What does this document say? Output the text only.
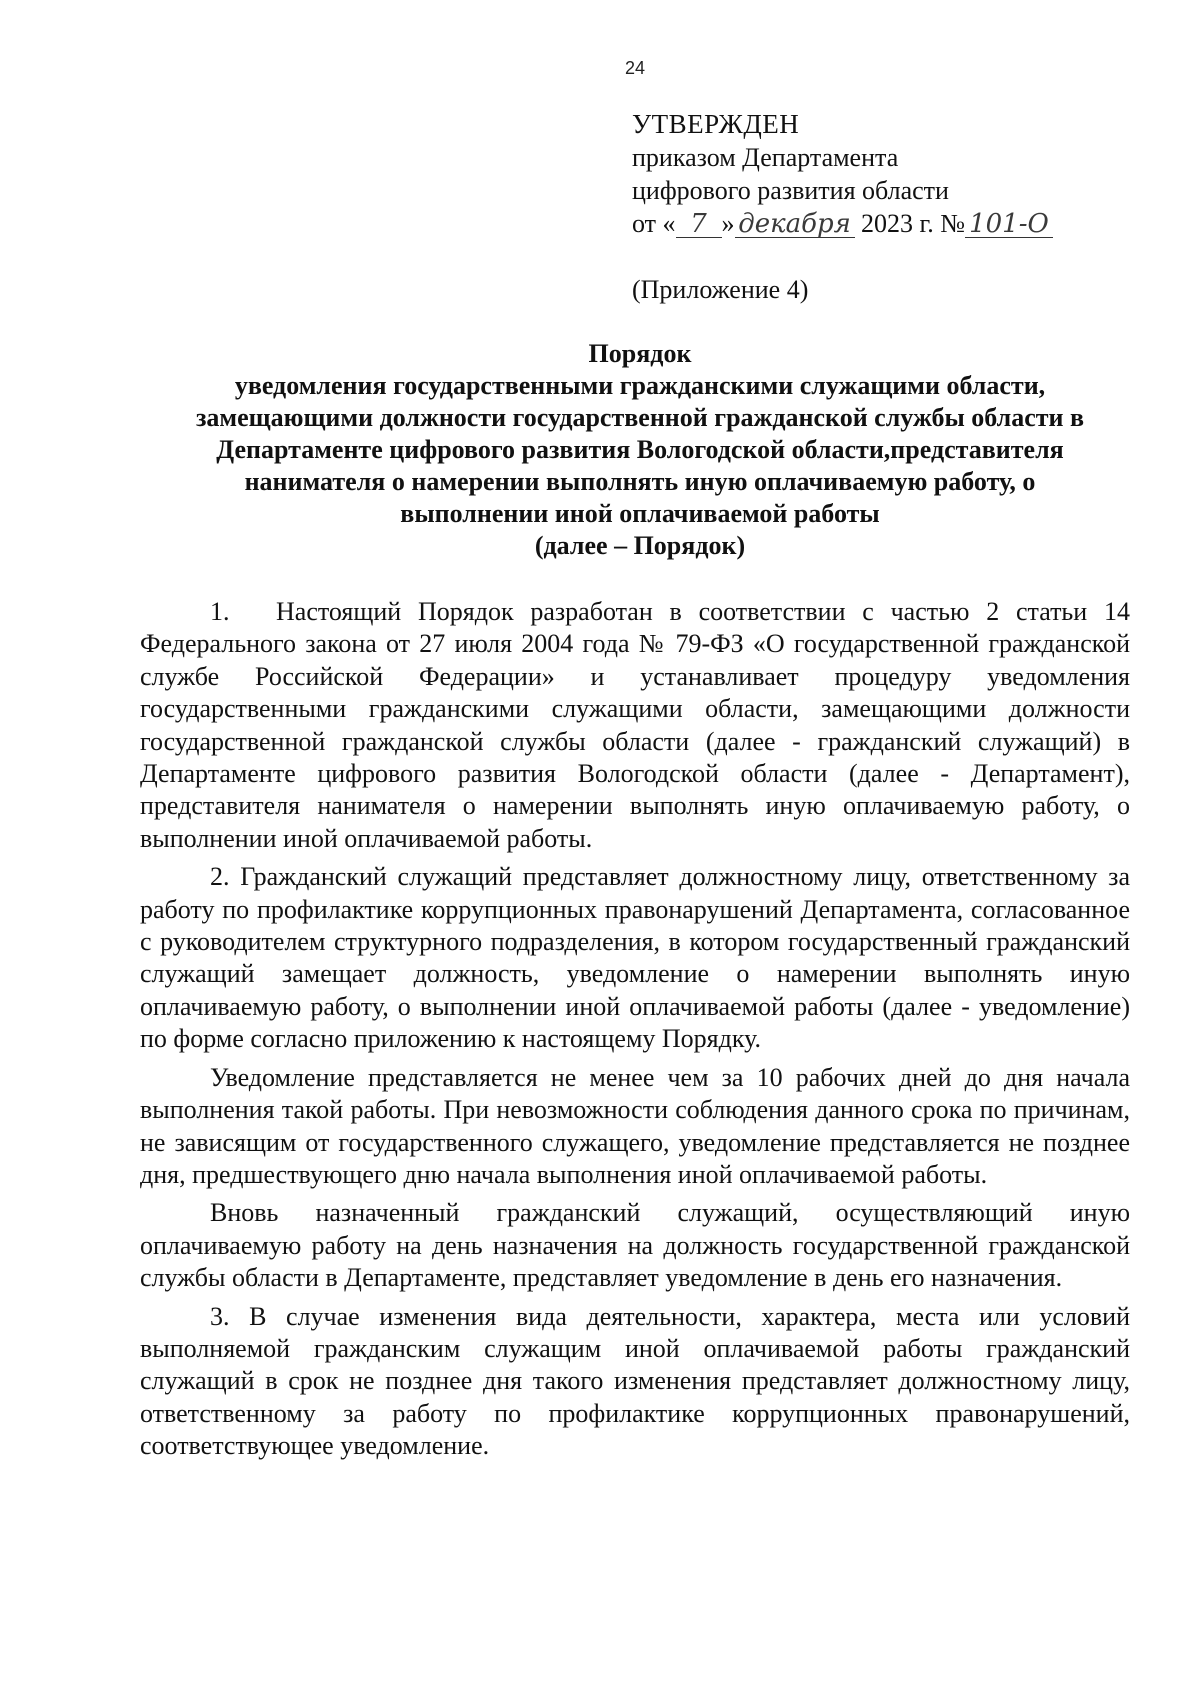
24
УТВЕРЖДЕН
приказом Департамента
цифрового развития области
от « 7 » декабря 2023 г. № 101-О
(Приложение 4)
Порядок
уведомления государственными гражданскими служащими области,
замещающими должности государственной гражданской службы области в
Департаменте цифрового развития Вологодской области,представителя
нанимателя о намерении выполнять иную оплачиваемую работу, о
выполнении иной оплачиваемой работы
(далее – Порядок)

1. Настоящий Порядок разработан в соответствии с частью 2 статьи 14 Федерального закона от 27 июля 2004 года № 79-ФЗ «О государственной гражданской службе Российской Федерации» и устанавливает процедуру уведомления государственными гражданскими служащими области, замещающими должности государственной гражданской службы области (далее - гражданский служащий) в Департаменте цифрового развития Вологодской области (далее - Департамент), представителя нанимателя о намерении выполнять иную оплачиваемую работу, о выполнении иной оплачиваемой работы.

2. Гражданский служащий представляет должностному лицу, ответственному за работу по профилактике коррупционных правонарушений Департамента, согласованное с руководителем структурного подразделения, в котором государственный гражданский служащий замещает должность, уведомление о намерении выполнять иную оплачиваемую работу, о выполнении иной оплачиваемой работы (далее - уведомление) по форме согласно приложению к настоящему Порядку.

Уведомление представляется не менее чем за 10 рабочих дней до дня начала выполнения такой работы. При невозможности соблюдения данного срока по причинам, не зависящим от государственного служащего, уведомление представляется не позднее дня, предшествующего дню начала выполнения иной оплачиваемой работы.

Вновь назначенный гражданский служащий, осуществляющий иную оплачиваемую работу на день назначения на должность государственной гражданской службы области в Департаменте, представляет уведомление в день его назначения.

3. В случае изменения вида деятельности, характера, места или условий выполняемой гражданским служащим иной оплачиваемой работы гражданский служащий в срок не позднее дня такого изменения представляет должностному лицу, ответственному за работу по профилактике коррупционных правонарушений, соответствующее уведомление.
